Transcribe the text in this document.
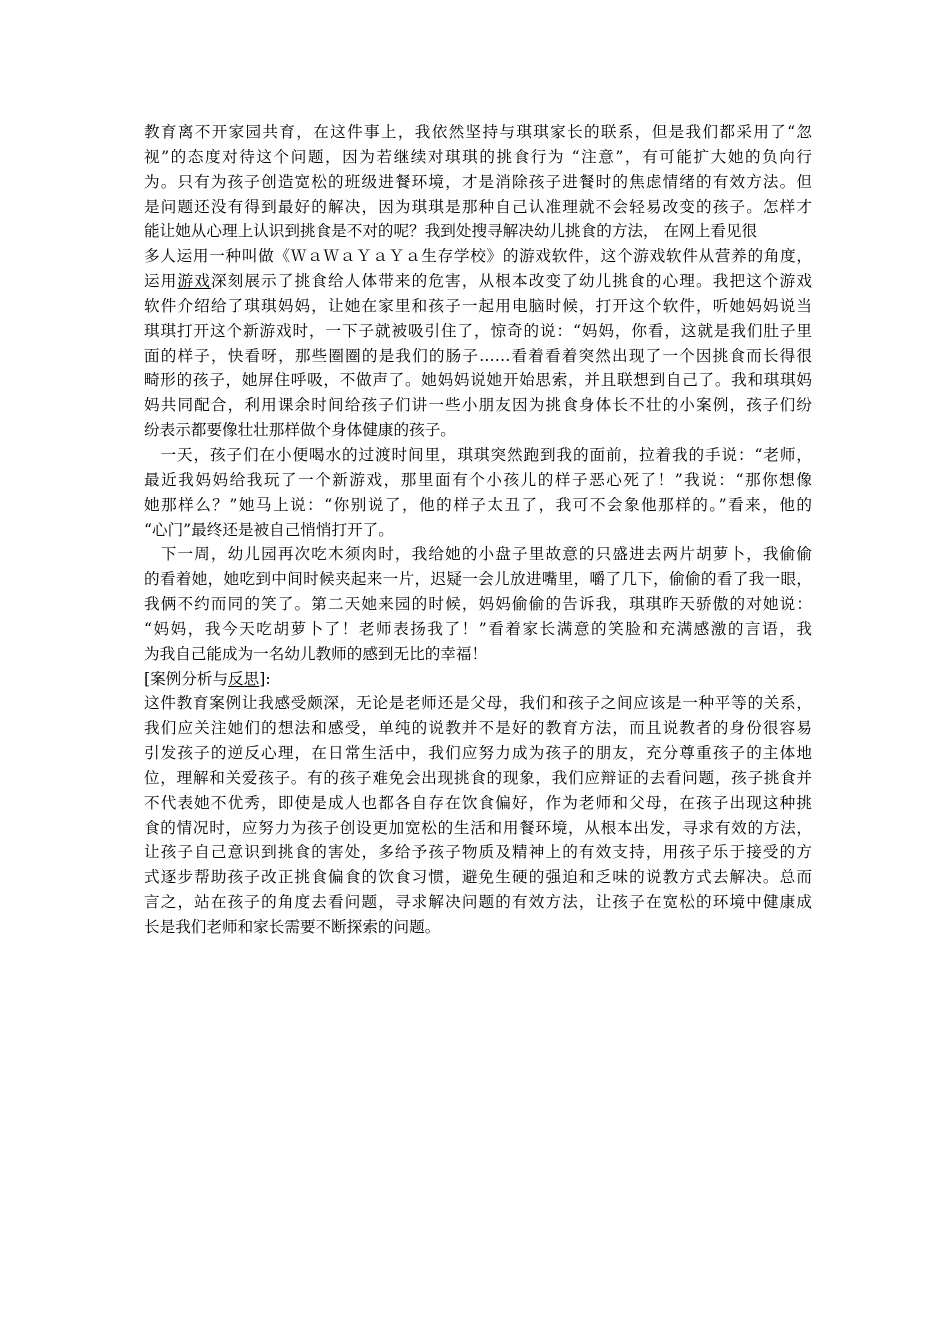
教育离不开家园共育，在这件事上，我依然坚持与琪琪家长的联系，但是我们都采用了“忽
视”的态度对待这个问题，因为若继续对琪琪的挑食行为 “注意”，有可能扩大她的负向行
为。只有为孩子创造宽松的班级进餐环境，才是消除孩子进餐时的焦虑情绪的有效方法。但
是问题还没有得到最好的解决，因为琪琪是那种自己认准理就不会轻易改变的孩子。怎样才
能让她从心理上认识到挑食是不对的呢？我到处搜寻解决幼儿挑食的方法， 在网上看见很
多人运用一种叫做《ＷａＷａＹａＹａ生存学校》的游戏软件，这个游戏软件从营养的角度，
运用游戏深刻展示了挑食给人体带来的危害，从根本改变了幼儿挑食的心理。我把这个游戏
软件介绍给了琪琪妈妈，让她在家里和孩子一起用电脑时候，打开这个软件，听她妈妈说当
琪琪打开这个新游戏时，一下子就被吸引住了，惊奇的说：“妈妈，你看，这就是我们肚子里
面的样子，快看呀，那些圈圈的是我们的肠子……看着看着突然出现了一个因挑食而长得很
畸形的孩子，她屏住呼吸，不做声了。她妈妈说她开始思索，并且联想到自己了。我和琪琪妈
妈共同配合，利用课余时间给孩子们讲一些小朋友因为挑食身体长不壮的小案例，孩子们纷
纷表示都要像壮壮那样做个身体健康的孩子。
　一天，孩子们在小便喝水的过渡时间里，琪琪突然跑到我的面前，拉着我的手说：“老师，
最近我妈妈给我玩了一个新游戏，那里面有个小孩儿的样子恶心死了！”我说：“那你想像
她那样么？”她马上说：“你别说了，他的样子太丑了，我可不会象他那样的。”看来，他的
“心门”最终还是被自己悄悄打开了。
　下一周，幼儿园再次吃木须肉时，我给她的小盘子里故意的只盛进去两片胡萝卜，我偷偷
的看着她，她吃到中间时候夹起来一片，迟疑一会儿放进嘴里，嚼了几下，偷偷的看了我一眼，
我俩不约而同的笑了。第二天她来园的时候，妈妈偷偷的告诉我，琪琪昨天骄傲的对她说：
“妈妈，我今天吃胡萝卜了！老师表扬我了！”看着家长满意的笑脸和充满感激的言语，我
为我自己能成为一名幼儿教师的感到无比的幸福！
[案例分析与反思]:
这件教育案例让我感受颇深，无论是老师还是父母，我们和孩子之间应该是一种平等的关系，
我们应关注她们的想法和感受，单纯的说教并不是好的教育方法，而且说教者的身份很容易
引发孩子的逆反心理，在日常生活中，我们应努力成为孩子的朋友，充分尊重孩子的主体地
位，理解和关爱孩子。有的孩子难免会出现挑食的现象，我们应辩证的去看问题，孩子挑食并
不代表她不优秀，即使是成人也都各自存在饮食偏好，作为老师和父母，在孩子出现这种挑
食的情况时，应努力为孩子创设更加宽松的生活和用餐环境，从根本出发，寻求有效的方法，
让孩子自己意识到挑食的害处，多给予孩子物质及精神上的有效支持，用孩子乐于接受的方
式逐步帮助孩子改正挑食偏食的饮食习惯，避免生硬的强迫和乏味的说教方式去解决。总而
言之，站在孩子的角度去看问题，寻求解决问题的有效方法，让孩子在宽松的环境中健康成
长是我们老师和家长需要不断探索的问题。
